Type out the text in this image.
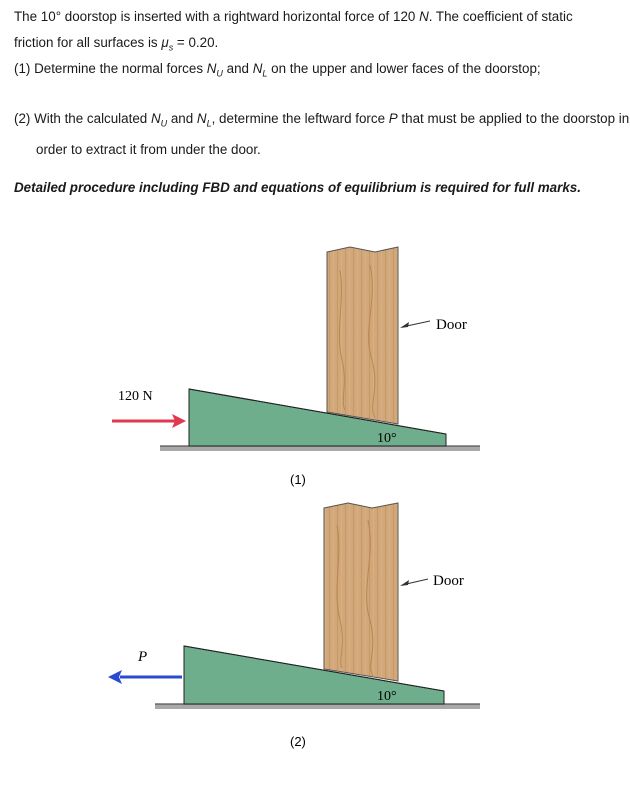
The 10° doorstop is inserted with a rightward horizontal force of 120 N. The coefficient of static friction for all surfaces is $\mu_s = 0.20$.
(1) Determine the normal forces $N_U$ and $N_L$ on the upper and lower faces of the doorstop;
(2) With the calculated $N_U$ and $N_L$, determine the leftward force P that must be applied to the doorstop in order to extract it from under the door.
Detailed procedure including FBD and equations of equilibrium is required for full marks.
120 N
Door
10°
(1)
P
Door
10°
(2)
